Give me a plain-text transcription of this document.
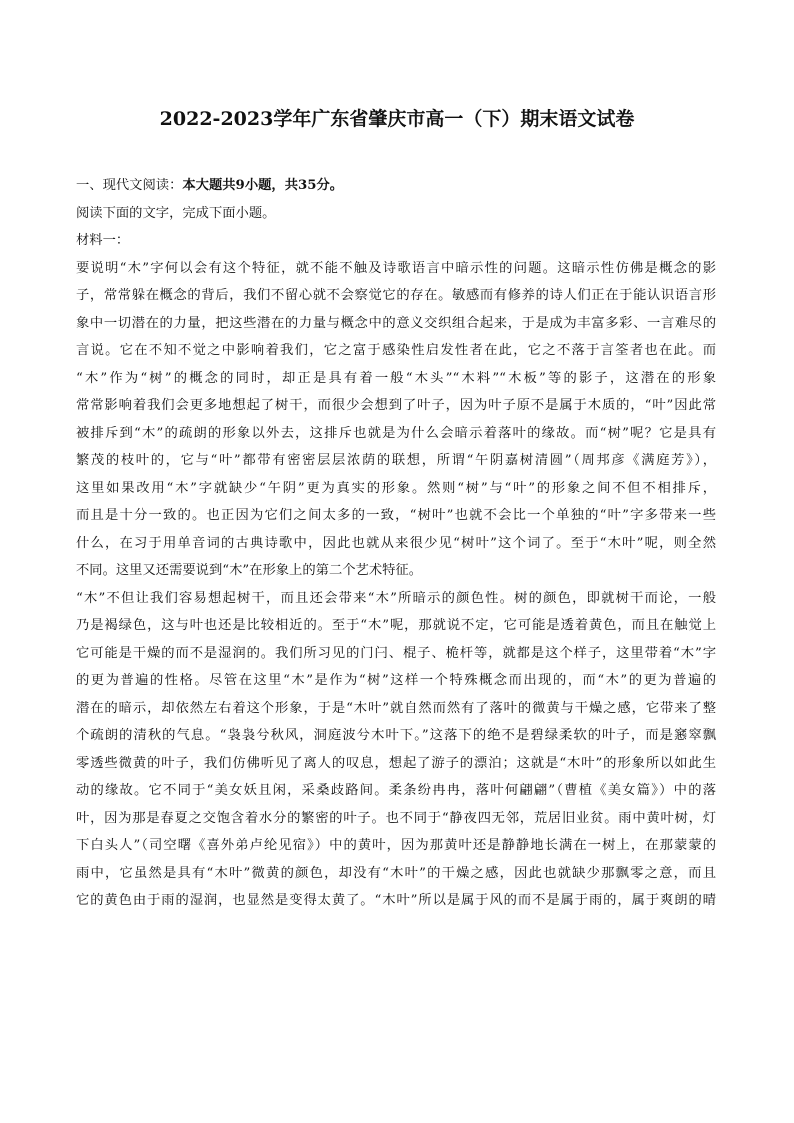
2022-2023学年广东省肇庆市高一（下）期末语文试卷
一、现代文阅读：本大题共9小题，共35分。
阅读下面的文字，完成下面小题。
材料一：
要说明“木”字何以会有这个特征，就不能不触及诗歌语言中暗示性的问题。这暗示性仿佛是概念的影
子，常常躲在概念的背后，我们不留心就不会察觉它的存在。敏感而有修养的诗人们正在于能认识语言形
象中一切潜在的力量，把这些潜在的力量与概念中的意义交织组合起来，于是成为丰富多彩、一言难尽的
言说。它在不知不觉之中影响着我们，它之富于感染性启发性者在此，它之不落于言筌者也在此。而
“木”作为“树”的概念的同时，却正是具有着一般“木头”“木料”“木板”等的影子，这潜在的形象
常常影响着我们会更多地想起了树干，而很少会想到了叶子，因为叶子原不是属于木质的，“叶”因此常
被排斥到“木”的疏朗的形象以外去，这排斥也就是为什么会暗示着落叶的缘故。而“树”呢？它是具有
繁茂的枝叶的，它与“叶”都带有密密层层浓荫的联想，所谓“午阴嘉树清圆”（周邦彦《满庭芳》），
这里如果改用“木”字就缺少“午阴”更为真实的形象。然则“树”与“叶”的形象之间不但不相排斥，
而且是十分一致的。也正因为它们之间太多的一致，“树叶”也就不会比一个单独的“叶”字多带来一些
什么，在习于用单音词的古典诗歌中，因此也就从来很少见“树叶”这个词了。至于“木叶”呢，则全然
不同。这里又还需要说到“木”在形象上的第二个艺术特征。
“木”不但让我们容易想起树干，而且还会带来“木”所暗示的颜色性。树的颜色，即就树干而论，一般
乃是褐绿色，这与叶也还是比较相近的。至于“木”呢，那就说不定，它可能是透着黄色，而且在触觉上
它可能是干燥的而不是湿润的。我们所习见的门闩、棍子、桅杆等，就都是这个样子，这里带着“木”字
的更为普遍的性格。尽管在这里“木”是作为“树”这样一个特殊概念而出现的，而“木”的更为普遍的
潜在的暗示，却依然左右着这个形象，于是“木叶”就自然而然有了落叶的微黄与干燥之感，它带来了整
个疏朗的清秋的气息。“袅袅兮秋风，洞庭波兮木叶下。”这落下的绝不是碧绿柔软的叶子，而是窸窣飘
零透些微黄的叶子，我们仿佛听见了离人的叹息，想起了游子的漂泊；这就是“木叶”的形象所以如此生
动的缘故。它不同于“美女妖且闲，采桑歧路间。柔条纷冉冉，落叶何翩翩”（曹植《美女篇》）中的落
叶，因为那是春夏之交饱含着水分的繁密的叶子。也不同于“静夜四无邻，荒居旧业贫。雨中黄叶树，灯
下白头人”（司空曙《喜外弟卢纶见宿》）中的黄叶，因为那黄叶还是静静地长满在一树上，在那蒙蒙的
雨中，它虽然是具有“木叶”微黄的颜色，却没有“木叶”的干燥之感，因此也就缺少那飘零之意，而且
它的黄色由于雨的湿润，也显然是变得太黄了。“木叶”所以是属于风的而不是属于雨的，属于爽朗的晴
